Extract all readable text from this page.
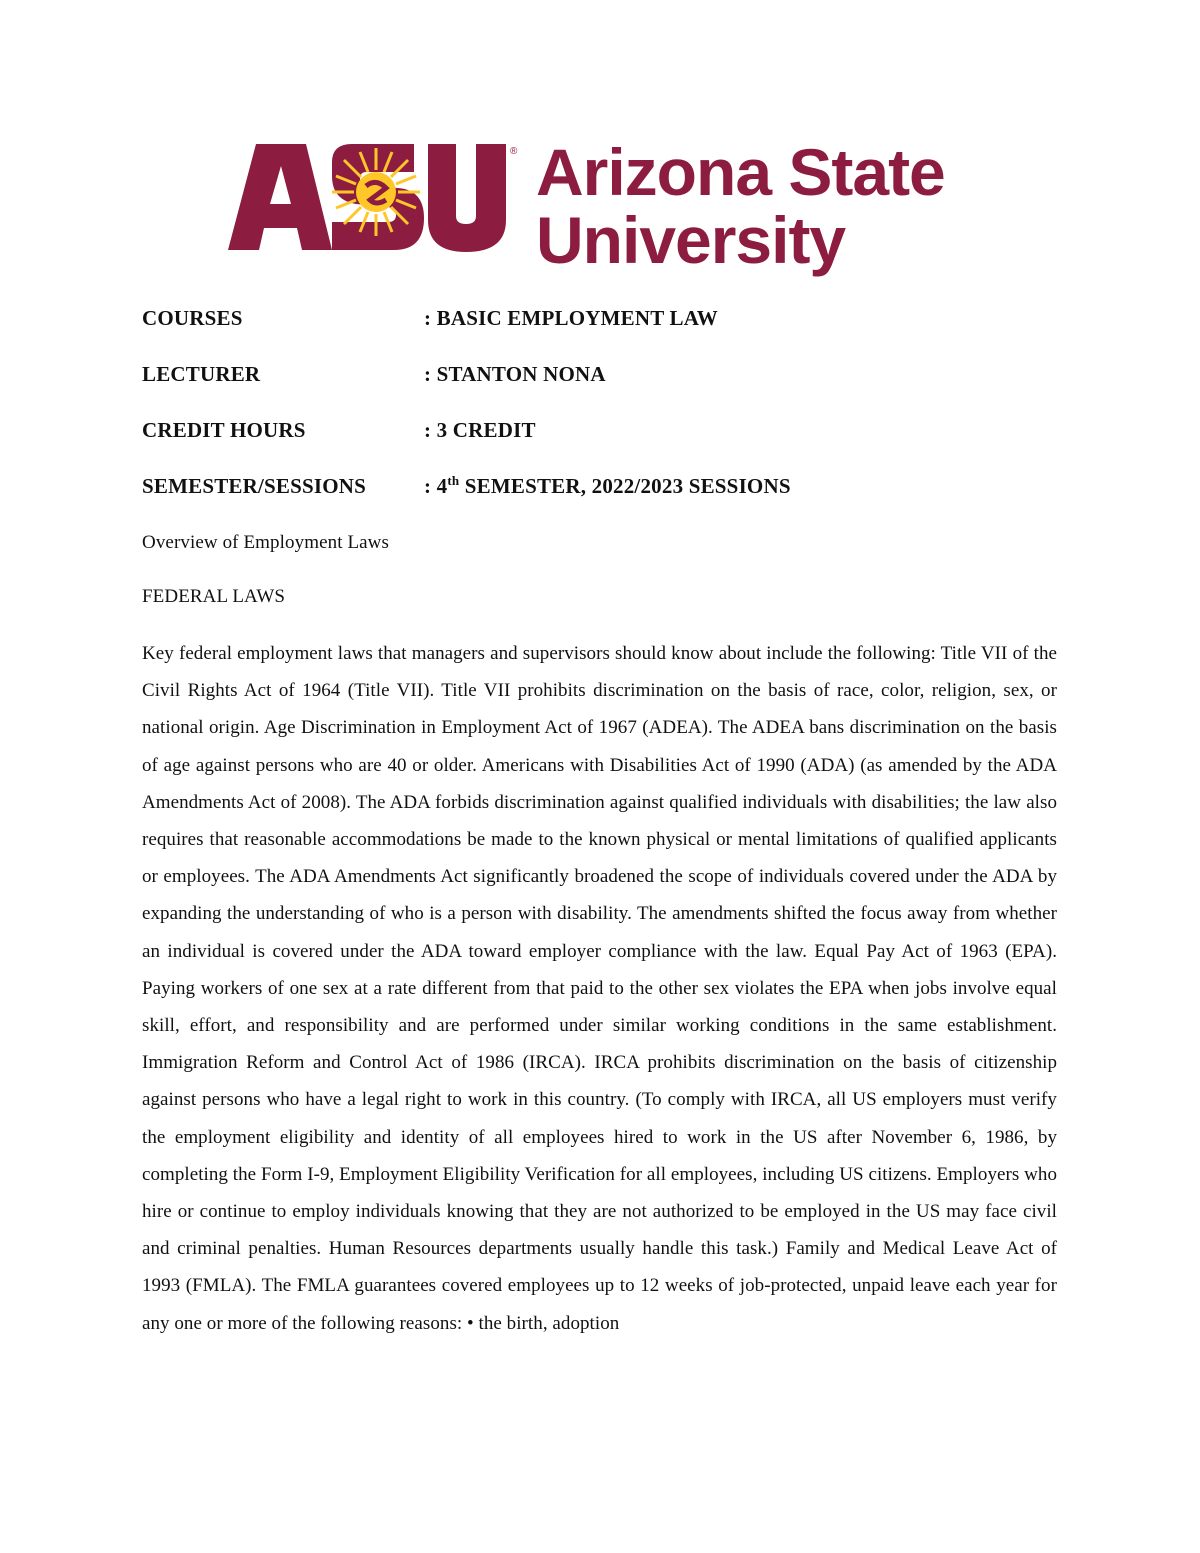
® Arizona State
University
COURSES	: BASIC EMPLOYMENT LAW
LECTURER	: STANTON NONA
CREDIT HOURS	: 3 CREDIT
SEMESTER/SESSIONS	: 4th SEMESTER, 2022/2023 SESSIONS
Overview of Employment Laws
FEDERAL LAWS
Key federal employment laws that managers and supervisors should know about include the following: Title VII of the Civil Rights Act of 1964 (Title VII). Title VII prohibits discrimination on the basis of race, color, religion, sex, or national origin. Age Discrimination in Employment Act of 1967 (ADEA). The ADEA bans discrimination on the basis of age against persons who are 40 or older. Americans with Disabilities Act of 1990 (ADA) (as amended by the ADA Amendments Act of 2008). The ADA forbids discrimination against qualified individuals with disabilities; the law also requires that reasonable accommodations be made to the known physical or mental limitations of qualified applicants or employees. The ADA Amendments Act significantly broadened the scope of individuals covered under the ADA by expanding the understanding of who is a person with disability. The amendments shifted the focus away from whether an individual is covered under the ADA toward employer compliance with the law. Equal Pay Act of 1963 (EPA). Paying workers of one sex at a rate different from that paid to the other sex violates the EPA when jobs involve equal skill, effort, and responsibility and are performed under similar working conditions in the same establishment. Immigration Reform and Control Act of 1986 (IRCA). IRCA prohibits discrimination on the basis of citizenship against persons who have a legal right to work in this country. (To comply with IRCA, all US employers must verify the employment eligibility and identity of all employees hired to work in the US after November 6, 1986, by completing the Form I-9, Employment Eligibility Verification for all employees, including US citizens. Employers who hire or continue to employ individuals knowing that they are not authorized to be employed in the US may face civil and criminal penalties. Human Resources departments usually handle this task.) Family and Medical Leave Act of 1993 (FMLA). The FMLA guarantees covered employees up to 12 weeks of job-protected, unpaid leave each year for any one or more of the following reasons: • the birth, adoption
